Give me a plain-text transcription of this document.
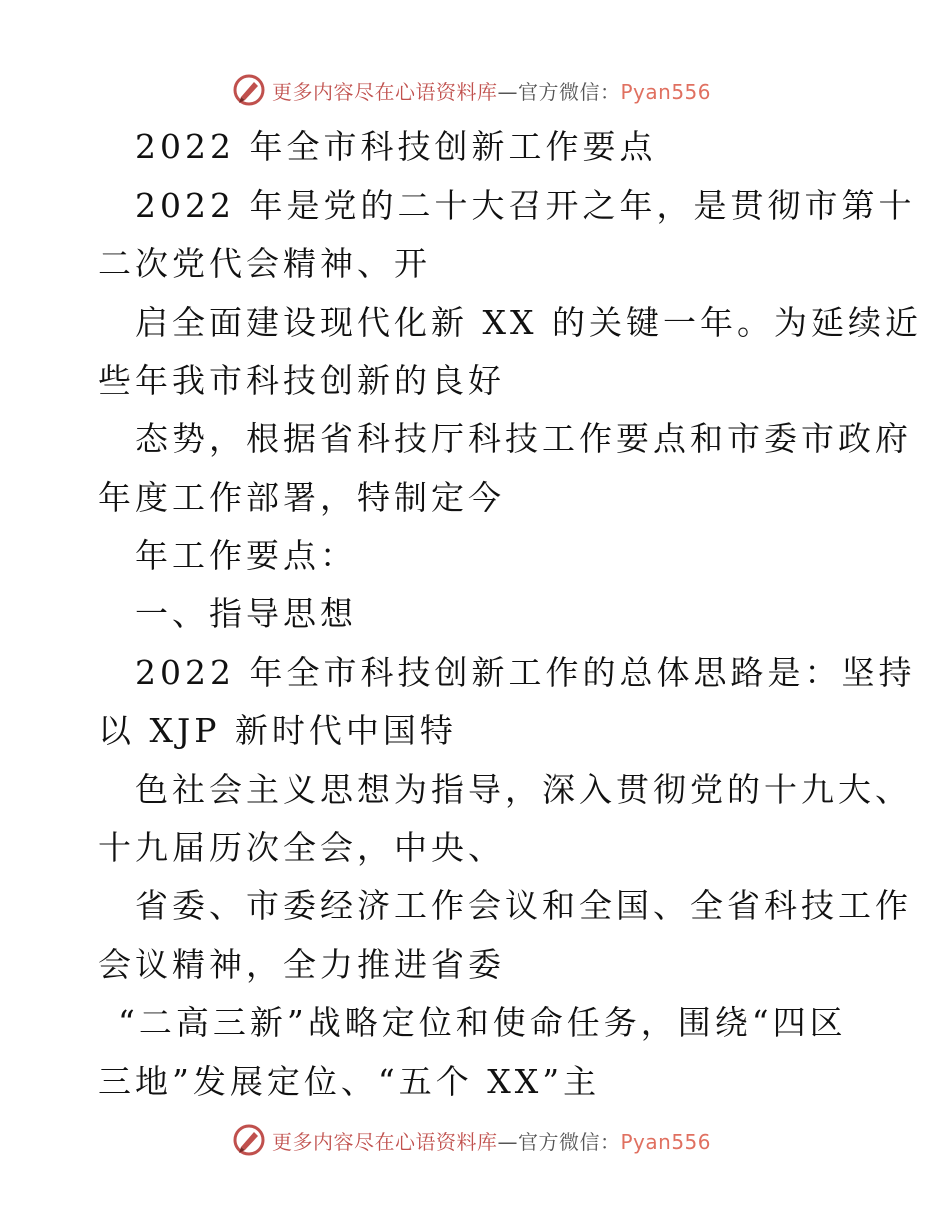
更多内容尽在心语资料库—官方微信：Pyan556
2022 年全市科技创新工作要点
2022 年是党的二十大召开之年，是贯彻市第十
二次党代会精神、开
启全面建设现代化新 XX 的关键一年。为延续近
些年我市科技创新的良好
态势，根据省科技厅科技工作要点和市委市政府
年度工作部署，特制定今
年工作要点：
一、指导思想
2022 年全市科技创新工作的总体思路是：坚持
以 XJP 新时代中国特
色社会主义思想为指导，深入贯彻党的十九大、
十九届历次全会，中央、
省委、市委经济工作会议和全国、全省科技工作
会议精神，全力推进省委
“二高三新”战略定位和使命任务，围绕“四区
三地”发展定位、“五个 XX”主
更多内容尽在心语资料库—官方微信：Pyan556
